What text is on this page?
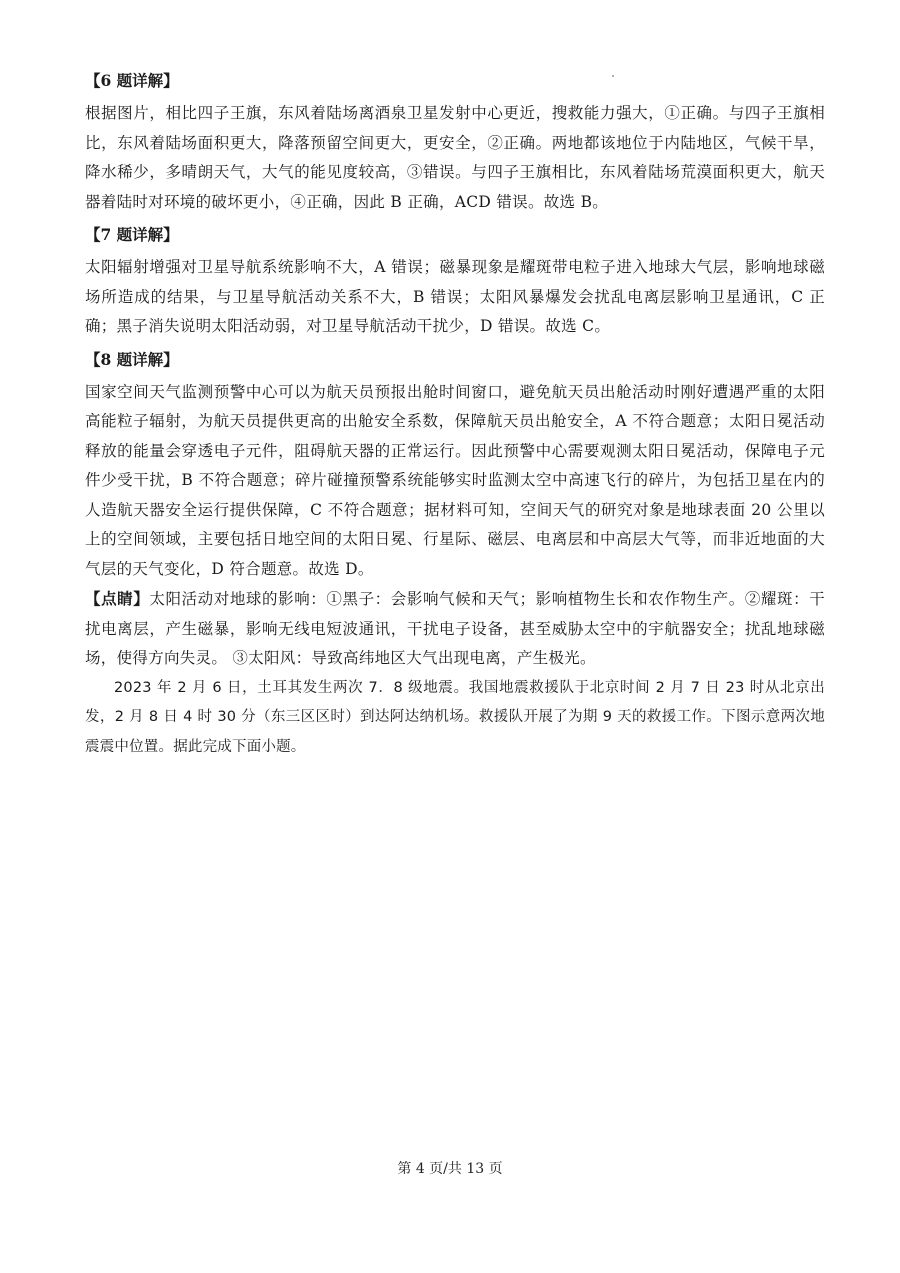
【6 题详解】

根据图片，相比四子王旗，东风着陆场离酒泉卫星发射中心更近，搜救能力强大，①正确。与四子王旗相比，东风着陆场面积更大，降落预留空间更大，更安全，②正确。两地都该地位于内陆地区，气候干旱，降水稀少，多晴朗天气，大气的能见度较高，③错误。与四子王旗相比，东风着陆场荒漠面积更大，航天器着陆时对环境的破坏更小，④正确，因此 B 正确，ACD 错误。故选 B。

【7 题详解】

太阳辐射增强对卫星导航系统影响不大，A 错误；磁暴现象是耀斑带电粒子进入地球大气层，影响地球磁场所造成的结果，与卫星导航活动关系不大，B 错误；太阳风暴爆发会扰乱电离层影响卫星通讯，C 正确；黑子消失说明太阳活动弱，对卫星导航活动干扰少，D 错误。故选 C。

【8 题详解】

国家空间天气监测预警中心可以为航天员预报出舱时间窗口，避免航天员出舱活动时刚好遭遇严重的太阳高能粒子辐射，为航天员提供更高的出舱安全系数，保障航天员出舱安全，A 不符合题意；太阳日冕活动释放的能量会穿透电子元件，阻碍航天器的正常运行。因此预警中心需要观测太阳日冕活动，保障电子元件少受干扰，B 不符合题意；碎片碰撞预警系统能够实时监测太空中高速飞行的碎片，为包括卫星在内的人造航天器安全运行提供保障，C 不符合题意；据材料可知，空间天气的研究对象是地球表面 20 公里以上的空间领域，主要包括日地空间的太阳日冕、行星际、磁层、电离层和中高层大气等，而非近地面的大气层的天气变化，D 符合题意。故选 D。

【点睛】太阳活动对地球的影响：①黑子：会影响气候和天气；影响植物生长和农作物生产。②耀斑：干扰电离层，产生磁暴，影响无线电短波通讯，干扰电子设备，甚至威胁太空中的宇航器安全；扰乱地球磁场，使得方向失灵。 ③太阳风：导致高纬地区大气出现电离，产生极光。

2023 年 2 月 6 日，土耳其发生两次 7．8 级地震。我国地震救援队于北京时间 2 月 7 日 23 时从北京出发，2 月 8 日 4 时 30 分（东三区区时）到达阿达纳机场。救援队开展了为期 9 天的救援工作。下图示意两次地震震中位置。据此完成下面小题。

第 4 页/共 13 页
